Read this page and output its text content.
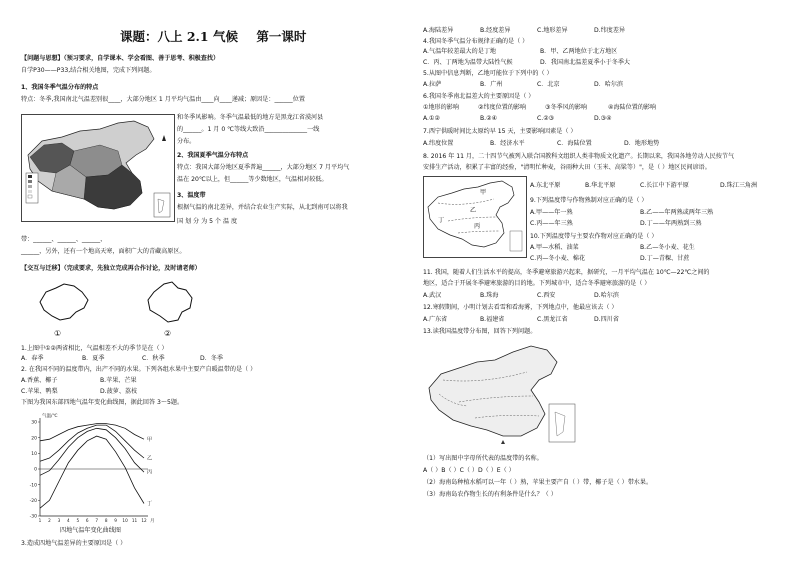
课题：八上 2.1 气候 第一课时
【问题与思想】（预习要求，自学课本、学会看图、善于思考、积极查找）
自学P30——P33,结合相关地图，完成下列问题。
1、我国冬季气温分布的特点
特点：冬季,我国南北气温差别很____，大部分地区 1 月平均气温由____向____递减；原因是：______位置
和冬季风影响。冬季气温最低的地方是黑龙江省漠河县
的______。1 月 0 ℃等线大致沿______________一线
分布。
2、我国夏季气温分布特点
特点：我国大部分地区夏季普遍______，大部分地区 7 月平均气
温在 20℃以上，但______等少数地区，气温相对较低。
3、温度带
根据气温的南北差异，并结合农业生产实际，从北到南可以将我
国 划 分 为 5 个 温 度
带：______、______、______、
______、另外，还有一个地高天寒，面积广大的青藏高原区。
【交互与迁移】（完成要求，先独立完成再合作讨论，及时请老师）
①	②
1.上图中①②两省相比，气温相差不大的季节是在（ ）
A．春季	B．夏季	C．秋季	D．冬季
2. 在我国不同的温度带内，出产不同的水果。下列各组水果中主要产自暖温带的是（ ）
A.香蕉、椰子	B.苹果、芒果
C.苹果、鸭梨	D.菠萝、荔枝
下图为我国东部四地气温年变化曲线图，据此回答 3～5题。
30
20
10
0
-10
-20
-30
气温/℃
1 2 3 4 5 6 7 8 9 10 11 12 月
甲
乙
丙
丁
四地气温年变化曲线图
3.造成四地气温差异的主要原因是（ ）
A.海陆差异	B.经度差异	C.地形差异	D.纬度差异
4.我国冬季气温分布规律正确的是（ ）
A.气温年较差最大的是丁地	B．甲、乙两地位于北方地区
C．丙、丁两地为温带大陆性气候	D．我国南北温差夏季小于冬季大
5.从图中信息判断，乙地可能位于下列中的（ ）
A.拉萨	B．广州	C．北京	D．哈尔滨
6.我国冬季南北温差大的主要原因是（ ）
①地形的影响	②纬度位置的影响	③冬季风的影响	④海陆位置的影响
A.①②	B.②④	C.②③	D.③④
7.西宁供暖时间比太原约早 15 天，主要影响因素是（ ）
A.纬度位置	B．经济水平	C．海陆位置	D．地形地势
8. 2016 年 11 月，二十四节气被列入联合国教科文组织人类非物质文化遗产。长期以来，我国各地劳动人民按节气
安排生产活动，积累了丰富的经验，"清明忙种麦，谷雨种大田（玉米、高粱等）"，是（ ）地区民间谚语。
甲
乙
丙
丁
A.东北平原	B.华北平原	C.长江中下游平原	D.珠江三角洲
9.下列温度带与作物熟制对应正确的是（ ）
A.甲——年一熟	B.乙——年两熟或两年三熟
C.丙——年三熟	D.丁——年两熟到三熟
10.下列温度带与主要农作物对应正确的是（ ）
A.甲—水稻、油菜	B.乙—冬小麦、花生
C.丙—冬小麦、棉花	D.丁—青稞、甘蔗
11. 我国，随着人们生活水平的提高，冬季避寒旅游兴起来，据研究，一月平均气温在 10℃—22℃之间的
地区，适合于开展冬季避寒旅游的目的地。下列城市中，适合冬季避寒旅游的是（ ）
A.武汉	B.珠海	C.西安	D.哈尔滨
12.寒假期间，小明计划去看雪和看海雾，下列地点中，他最应该去（ ）
A.广东省	B.福建省	C.黑龙江省	D.四川省
13.读我国温度带分布图，回答下列问题。
（1）写出图中字母所代表的温度带的名称。
A（ ）B（ ）C（ ）D（ ）E（ ）
（2）海南岛种植水稻可以一年（ ）熟，苹果主要产自（ ）带，椰子是（ ）带水果。
（3）海南岛农作物生长的有利条件是什么？（ ）
